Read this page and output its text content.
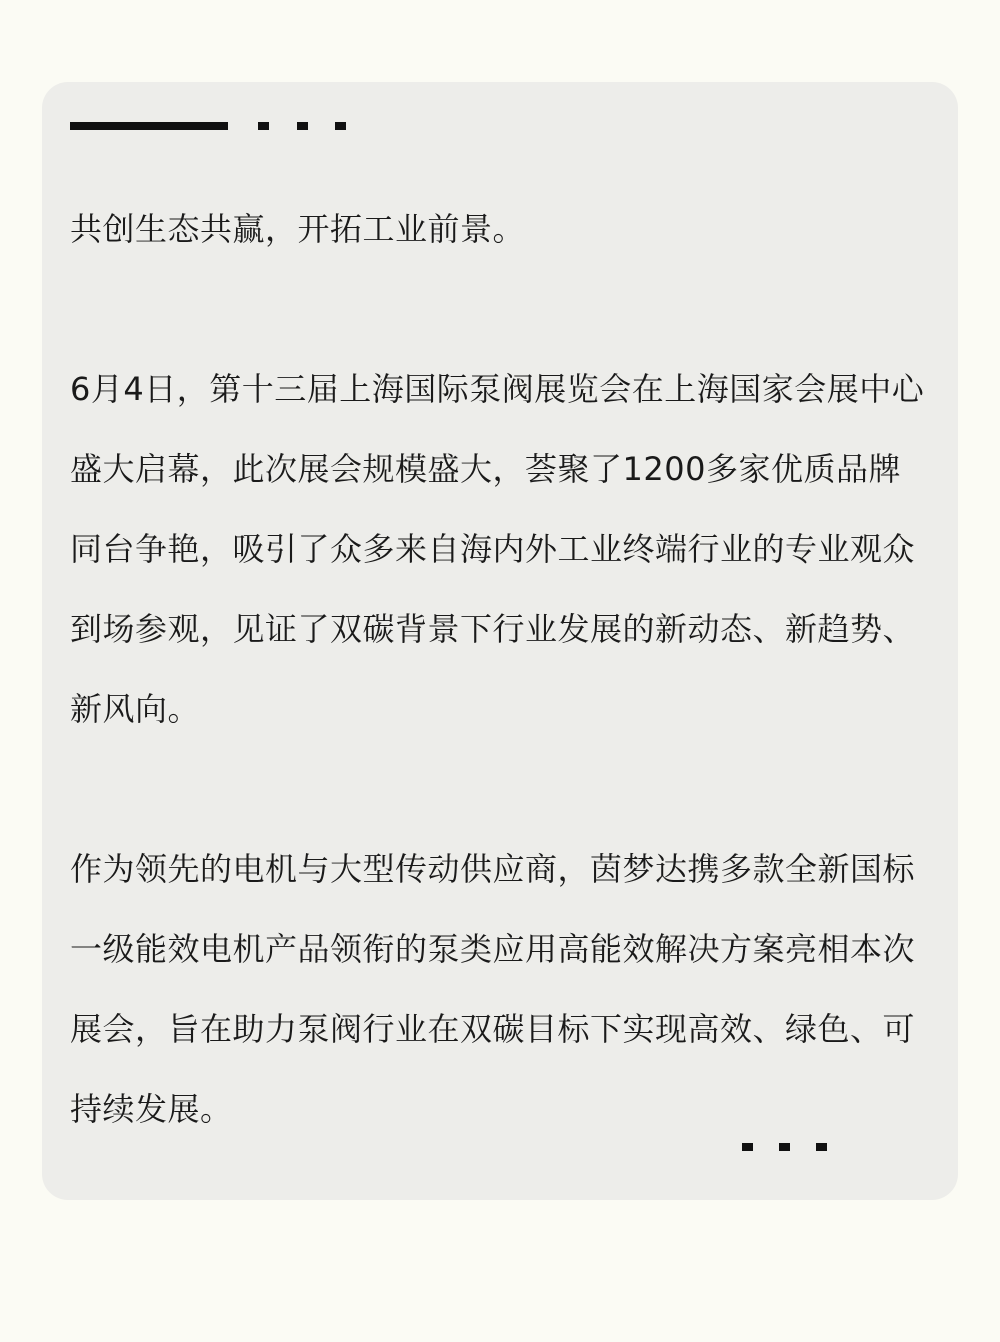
共创生态共赢，开拓工业前景。

6月4日，第十三届上海国际泵阀展览会在上海国家会展中心盛大启幕，此次展会规模盛大，荟聚了1200多家优质品牌同台争艳，吸引了众多来自海内外工业终端行业的专业观众到场参观，见证了双碳背景下行业发展的新动态、新趋势、新风向。

作为领先的电机与大型传动供应商，茵梦达携多款全新国标一级能效电机产品领衔的泵类应用高能效解决方案亮相本次展会，旨在助力泵阀行业在双碳目标下实现高效、绿色、可持续发展。
